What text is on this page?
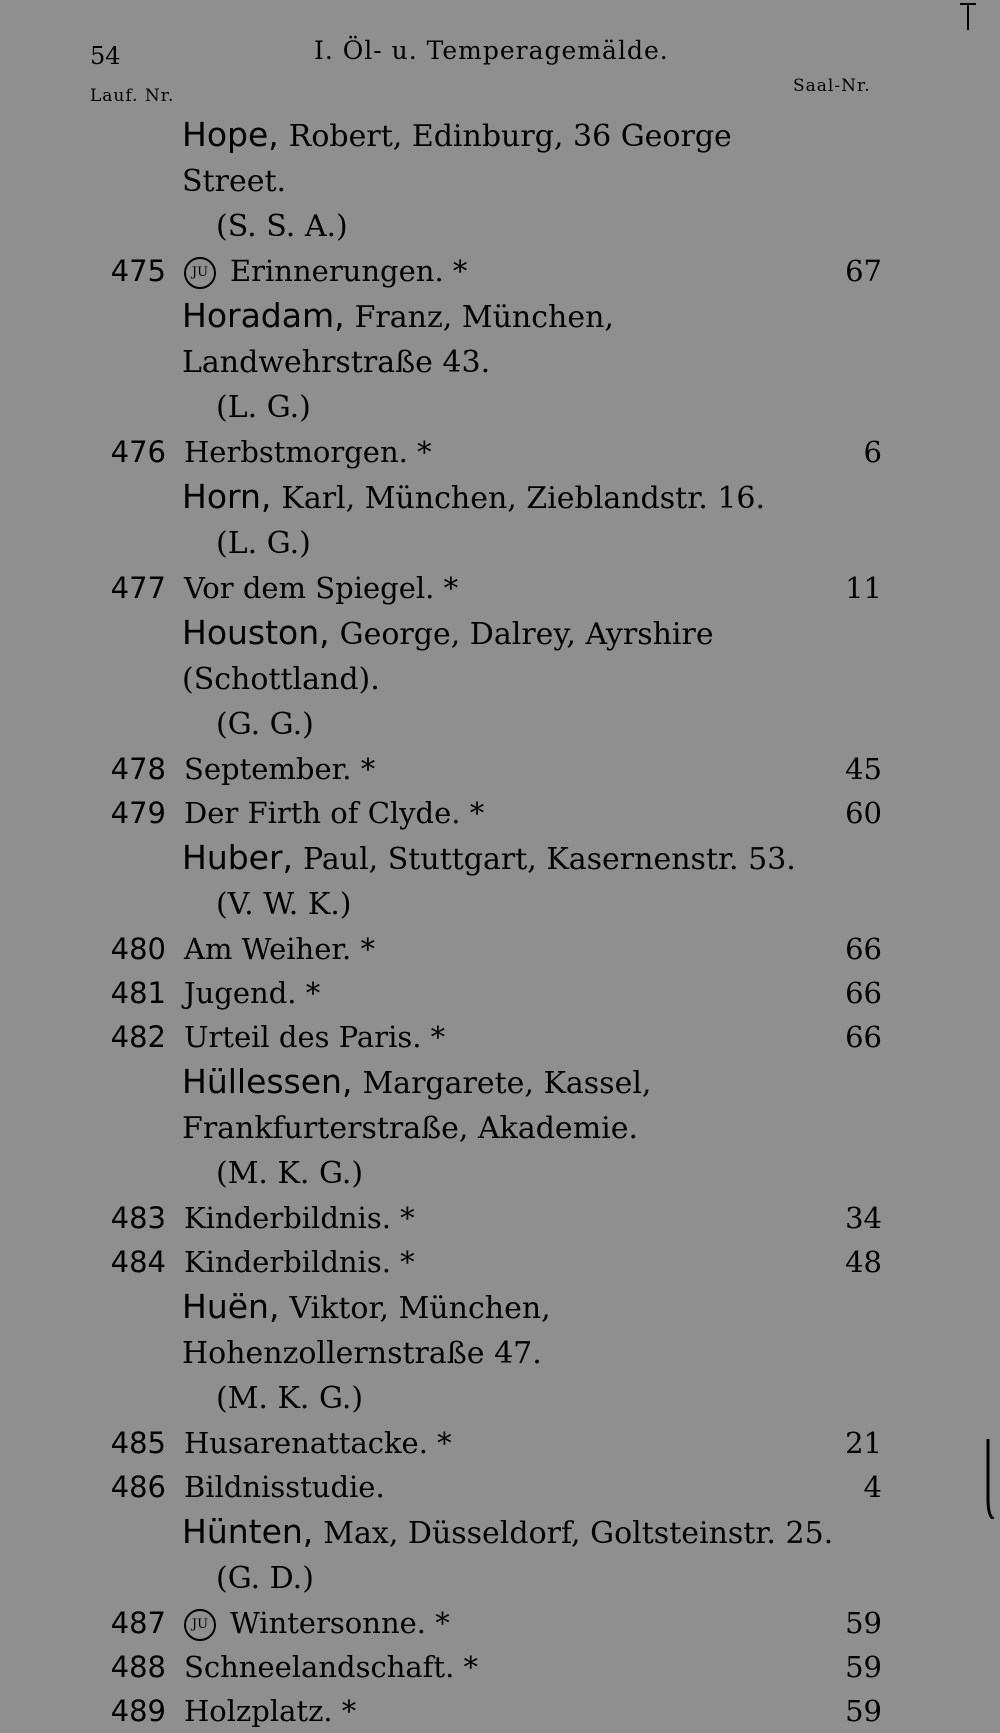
54	I. Öl- u. Temperagemälde.
Lauf. Nr.	Saal-Nr.
Hope, Robert, Edinburg, 36 George Street.
(S. S. A.)
475	JU Erinnerungen. *	67
Horadam, Franz, München, Landwehrstraße 43.
(L. G.)
476 Herbstmorgen. *	6
Horn, Karl, München, Zieblandstr. 16.
(L. G.)
477 Vor dem Spiegel. *	11
Houston, George, Dalrey, Ayrshire (Schottland).
(G. G.)
478 September. *	45
479 Der Firth of Clyde. *	60
Huber, Paul, Stuttgart, Kasernenstr. 53.
(V. W. K.)
480 Am Weiher. *	66
481 Jugend. *	66
482 Urteil des Paris. *	66
Hüllessen, Margarete, Kassel, Frankfurterstraße, Akademie.
(M. K. G.)
483 Kinderbildnis. *	34
484 Kinderbildnis. *	48
Huën, Viktor, München, Hohenzollernstraße 47.
(M. K. G.)
485 Husarenattacke. *	21
486 Bildnisstudie.	4
Hünten, Max, Düsseldorf, Goltsteinstr. 25.
(G. D.)
487	JU Wintersonne. *	59
488 Schneelandschaft. *	59
489 Holzplatz. *	59
